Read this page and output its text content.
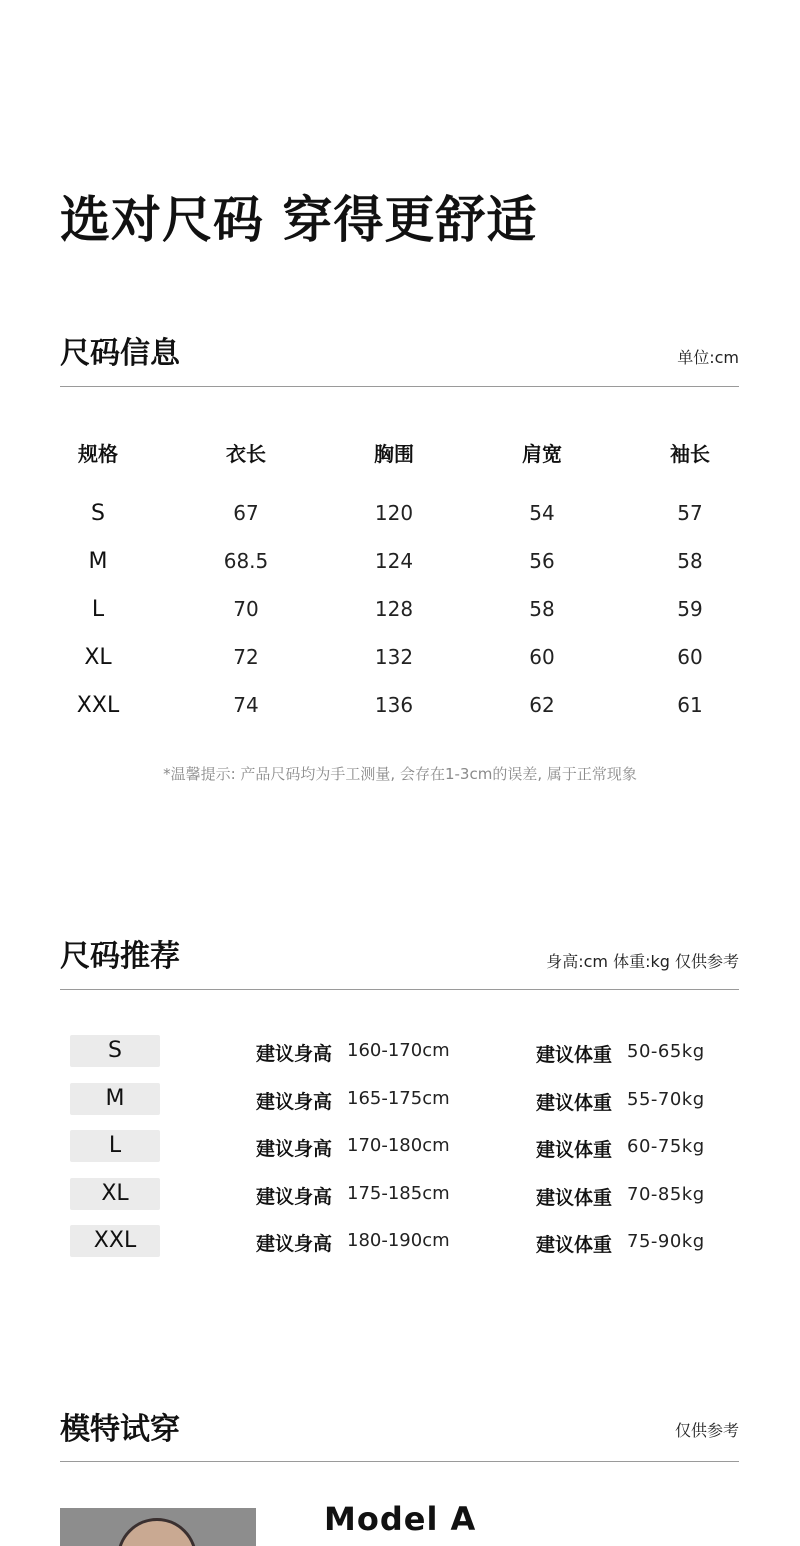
选对尺码 穿得更舒适
尺码信息	单位:cm
规格	衣长	胸围	肩宽	袖长
S	67	120	54	57
M	68.5	124	56	58
L	70	128	58	59
XL	72	132	60	60
XXL	74	136	62	61
*温馨提示: 产品尺码均为手工测量, 会存在1-3cm的误差, 属于正常现象
尺码推荐	身高:cm 体重:kg 仅供参考
S	建议身高 160-170cm	建议体重 50-65kg
M	建议身高 165-175cm	建议体重 55-70kg
L	建议身高 170-180cm	建议体重 60-75kg
XL	建议身高 175-185cm	建议体重 70-85kg
XXL	建议身高 180-190cm	建议体重 75-90kg
模特试穿	仅供参考
Model A
